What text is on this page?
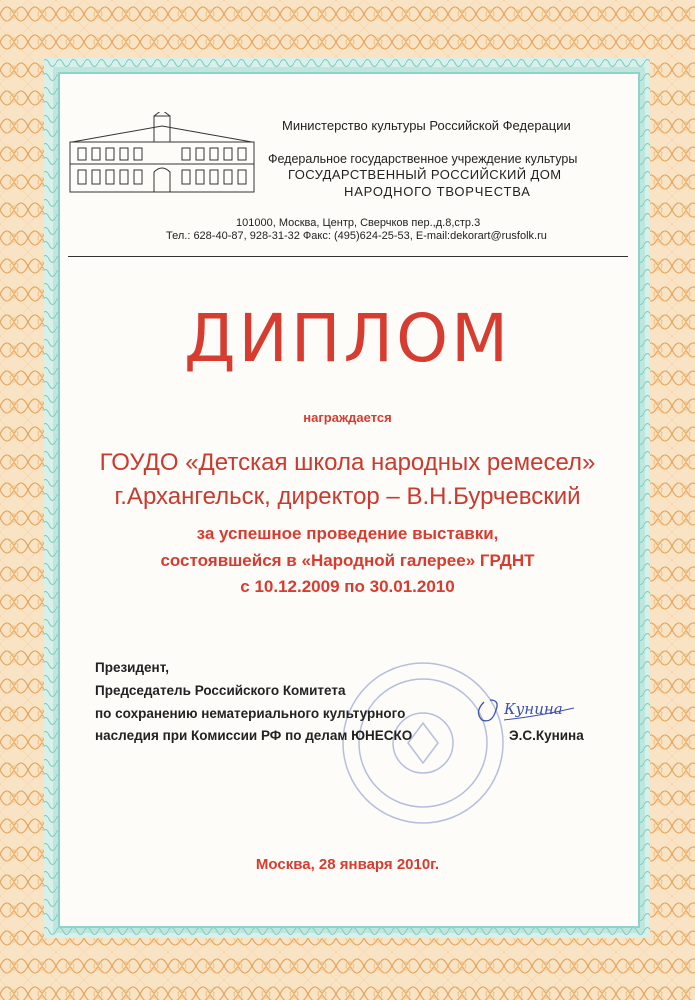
Министерство культуры Российской Федерации
Федеральное государственное учреждение культуры
ГОСУДАРСТВЕННЫЙ РОССИЙСКИЙ ДОМ
НАРОДНОГО ТВОРЧЕСТВА
101000, Москва, Центр, Сверчков пер.,д.8,стр.3
Тел.: 628-40-87, 928-31-32 Факс: (495)624-25-53, E-mail:dekorart@rusfolk.ru
ДИПЛОМ
награждается
ГОУДО «Детская школа народных ремесел»
г.Архангельск, директор – В.Н.Бурчевский
за успешное проведение выставки,
состоявшейся в «Народной галерее» ГРДНТ
с 10.12.2009 по 30.01.2010
Президент,
Председатель Российского Комитета
по сохранению нематериального культурного
наследия при Комиссии РФ по делам ЮНЕСКО
Кунина
Э.С.Кунина
Москва, 28 января 2010г.
